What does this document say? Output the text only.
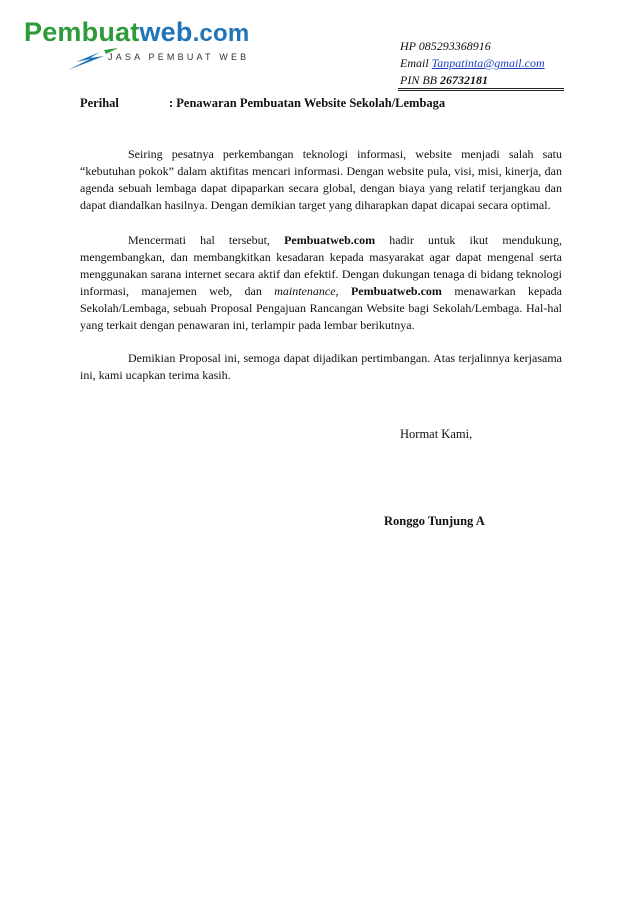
Pembuatweb.com
JASA PEMBUAT WEB
HP 085293368916
Email Tanpatinta@gmail.com
PIN BB 26732181
Perihal	: Penawaran Pembuatan Website Sekolah/Lembaga
Seiring pesatnya perkembangan teknologi informasi, website menjadi salah satu “kebutuhan pokok” dalam aktifitas mencari informasi. Dengan website pula, visi, misi, kinerja, dan agenda sebuah lembaga dapat dipaparkan secara global, dengan biaya yang relatif terjangkau dan dapat diandalkan hasilnya. Dengan demikian target yang diharapkan dapat dicapai secara optimal.
Mencermati hal tersebut, Pembuatweb.com hadir untuk ikut mendukung, mengembangkan, dan membangkitkan kesadaran kepada masyarakat agar dapat mengenal serta menggunakan sarana internet secara aktif dan efektif. Dengan dukungan tenaga di bidang teknologi informasi, manajemen web, dan maintenance, Pembuatweb.com menawarkan kepada Sekolah/Lembaga, sebuah Proposal Pengajuan Rancangan Website bagi Sekolah/Lembaga. Hal-hal yang terkait dengan penawaran ini, terlampir pada lembar berikutnya.
Demikian Proposal ini, semoga dapat dijadikan pertimbangan. Atas terjalinnya kerjasama ini, kami ucapkan terima kasih.
Hormat Kami,
Ronggo Tunjung A
